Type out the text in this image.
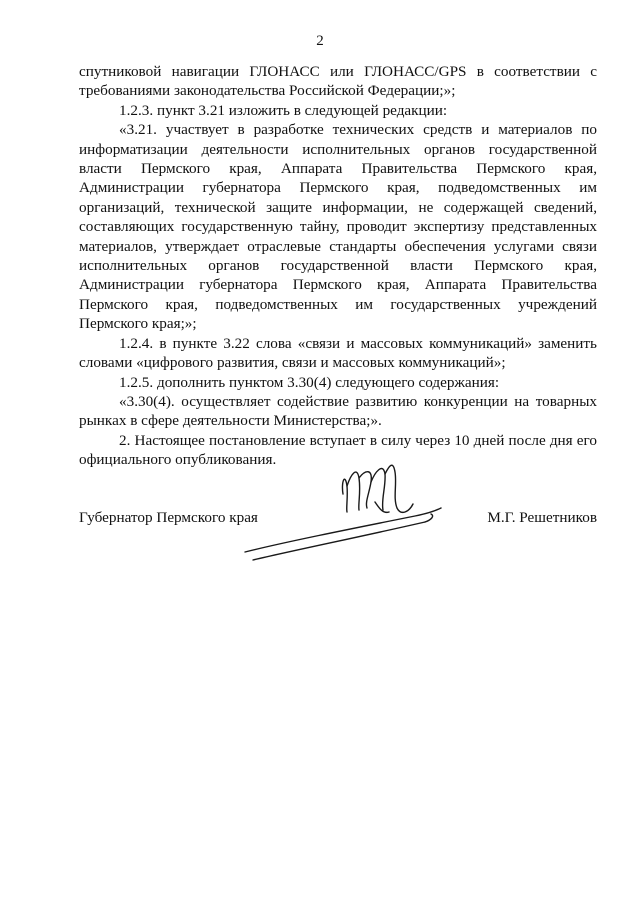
2

спутниковой навигации ГЛОНАСС или ГЛОНАСС/GPS в соответствии с требованиями законодательства Российской Федерации;»;

1.2.3. пункт 3.21 изложить в следующей редакции:

«3.21. участвует в разработке технических средств и материалов по информатизации деятельности исполнительных органов государственной власти Пермского края, Аппарата Правительства Пермского края, Администрации губернатора Пермского края, подведомственных им организаций, технической защите информации, не содержащей сведений, составляющих государственную тайну, проводит экспертизу представленных материалов, утверждает отраслевые стандарты обеспечения услугами связи исполнительных органов государственной власти Пермского края, Администрации губернатора Пермского края, Аппарата Правительства Пермского края, подведомственных им государственных учреждений Пермского края;»;

1.2.4. в пункте 3.22 слова «связи и массовых коммуникаций» заменить словами «цифрового развития, связи и массовых коммуникаций»;

1.2.5. дополнить пунктом 3.30(4) следующего содержания:

«3.30(4). осуществляет содействие развитию конкуренции на товарных рынках в сфере деятельности Министерства;».

2. Настоящее постановление вступает в силу через 10 дней после дня его официального опубликования.

Губернатор Пермского края	М.Г. Решетников
